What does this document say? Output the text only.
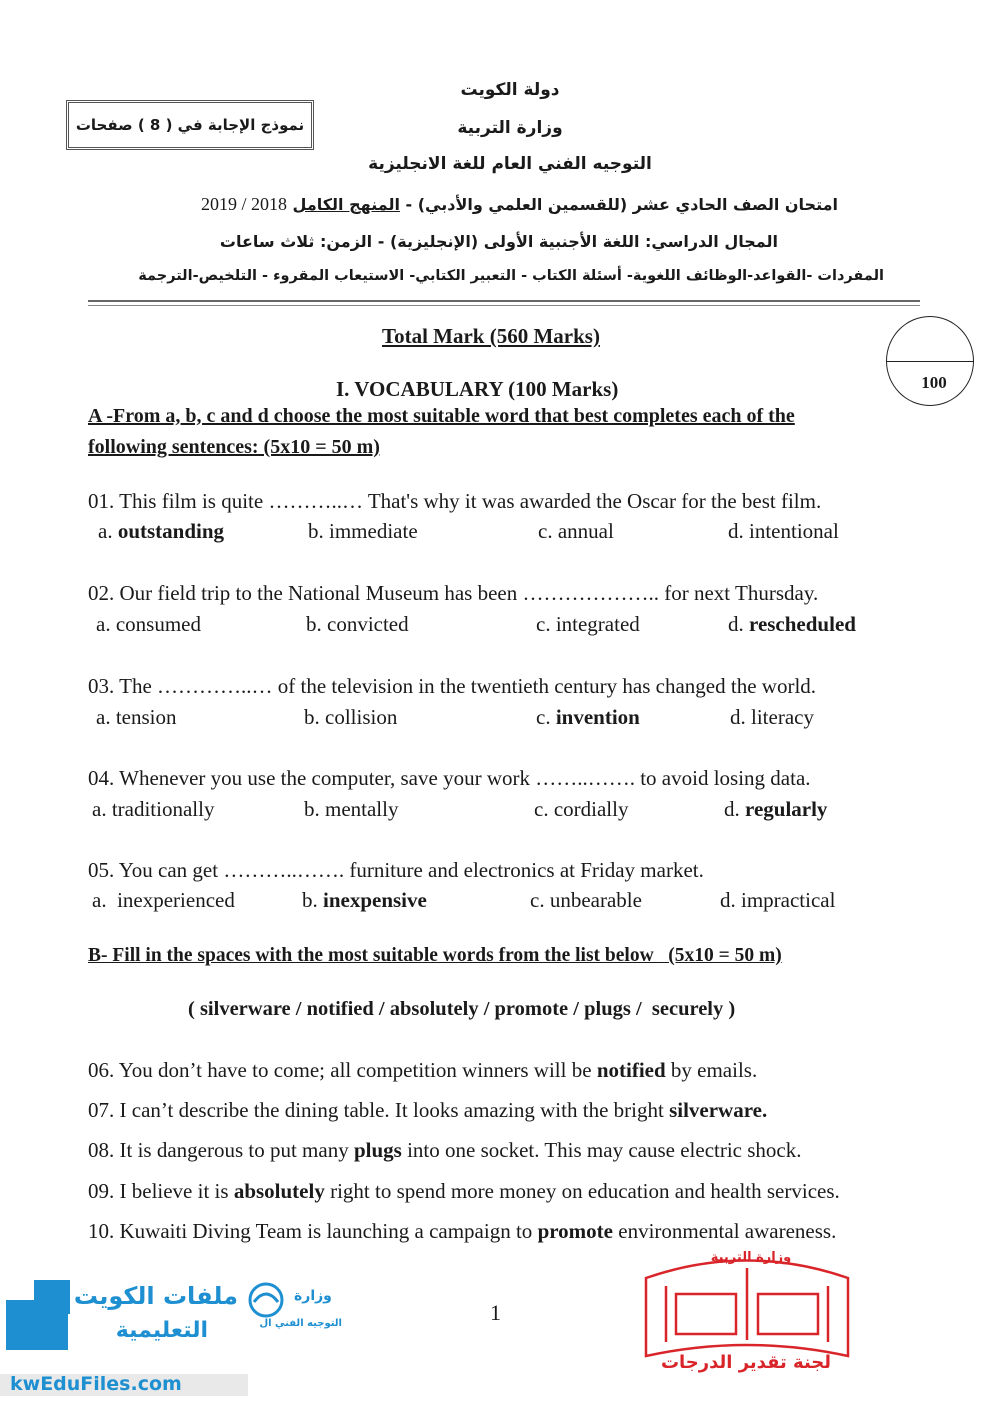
دولة الكويت
وزارة التربية
التوجيه الفني العام للغة الانجليزية
نموذج الإجابة في ( 8 ) صفحات
امتحان الصف الحادي عشر (للقسمين العلمي والأدبي) - المنهج الكامل 2019 / 2018
المجال الدراسي: اللغة الأجنبية الأولى (الإنجليزية) - الزمن: ثلاث ساعات
المفردات -القواعد-الوظائف اللغوية- أسئلة الكتاب - التعبير الكتابي- الاستيعاب المقروء - التلخيص-الترجمة
Total Mark (560 Marks)
100
I. VOCABULARY (100 Marks)
A -From a, b, c and d choose the most suitable word that best completes each of the
following sentences: (5x10 = 50 m)
01. This film is quite ………..… That's why it was awarded the Oscar for the best film.
a. outstanding	b. immediate	c. annual	d. intentional
02. Our field trip to the National Museum has been ……………….. for next Thursday.
a. consumed	b. convicted	c. integrated	d. rescheduled
03. The …………..… of the television in the twentieth century has changed the world.
a. tension	b. collision	c. invention	d. literacy
04. Whenever you use the computer, save your work ……..……. to avoid losing data.
a. traditionally	b. mentally	c. cordially	d. regularly
05. You can get ………..……. furniture and electronics at Friday market.
a.  inexperienced	b. inexpensive	c. unbearable	d. impractical
B- Fill in the spaces with the most suitable words from the list below   (5x10 = 50 m)
( silverware / notified / absolutely / promote / plugs /  securely )
06. You don’t have to come; all competition winners will be notified by emails.
07. I can’t describe the dining table. It looks amazing with the bright silverware.
08. It is dangerous to put many plugs into one socket. This may cause electric shock.
09. I believe it is absolutely right to spend more money on education and health services.
10. Kuwaiti Diving Team is launching a campaign to promote environmental awareness.
1
ملفات الكويت
التعليمية
kwEduFiles.com
وزارة
التوجيه الفني ال
وزارة التربية
لجنة تقدير الدرجات
